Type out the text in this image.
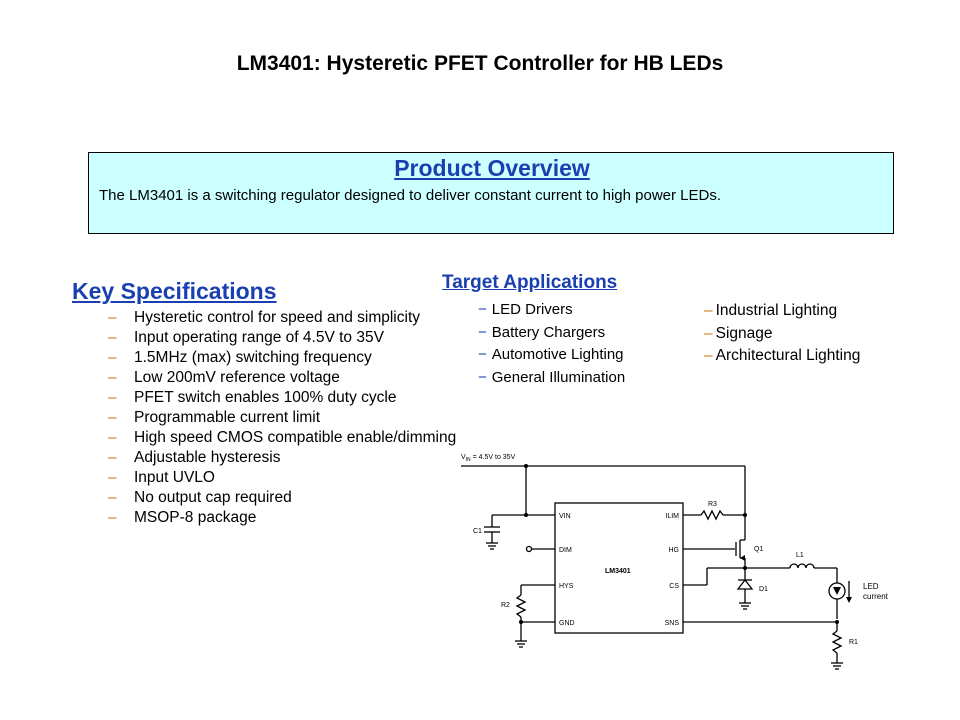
LM3401: Hysteretic PFET Controller for HB LEDs
Product Overview
The LM3401 is a switching regulator designed to deliver constant current to high power LEDs.
Key Specifications
– Hysteretic control for speed and simplicity
– Input operating range of 4.5V to 35V
– 1.5MHz (max) switching frequency
– Low 200mV reference voltage
– PFET switch enables 100% duty cycle
– Programmable current limit
– High speed CMOS compatible enable/dimming
– Adjustable hysteresis
– Input UVLO
– No output cap required
– MSOP-8 package
Target Applications
− LED Drivers
− Battery Chargers
− Automotive Lighting
− General Illumination
– Industrial Lighting
– Signage
– Architectural Lighting
$V_{IN} = 4.5V$ to 35V
C1
R2
R3
Q1
L1
D1
R1
LED
current
LM3401
VIN
DIM
HYS
GND
ILIM
HG
CS
SNS
